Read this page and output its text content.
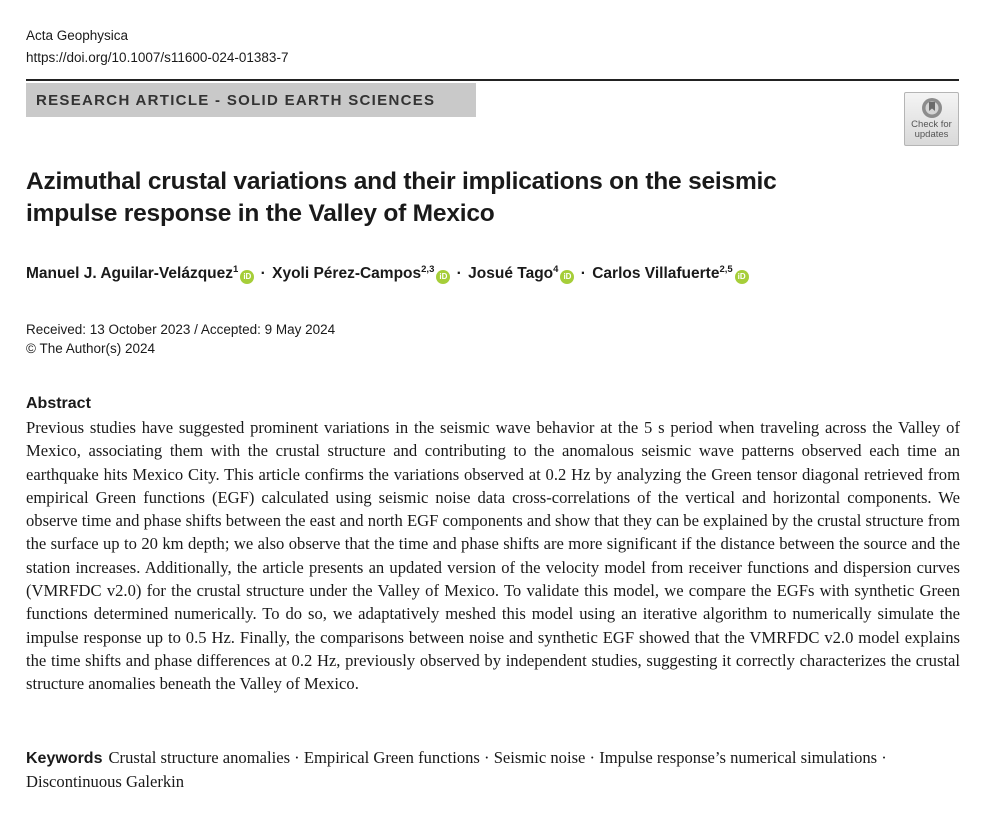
Acta Geophysica
https://doi.org/10.1007/s11600-024-01383-7
RESEARCH ARTICLE - SOLID EARTH SCIENCES
Check for
updates
Azimuthal crustal variations and their implications on the seismic impulse response in the Valley of Mexico
Manuel J. Aguilar-Velázquez$^1$iD · Xyoli Pérez-Campos$^{2,3}$iD · Josué Tago$^4$iD · Carlos Villafuerte$^{2,5}$iD
Received: 13 October 2023 / Accepted: 9 May 2024
© The Author(s) 2024
Abstract

Previous studies have suggested prominent variations in the seismic wave behavior at the 5 s period when traveling across the Valley of Mexico, associating them with the crustal structure and contributing to the anomalous seismic wave patterns observed each time an earthquake hits Mexico City. This article confirms the variations observed at 0.2 Hz by analyzing the Green tensor diagonal retrieved from empirical Green functions (EGF) calculated using seismic noise data cross-correlations of the vertical and horizontal components. We observe time and phase shifts between the east and north EGF components and show that they can be explained by the crustal structure from the surface up to 20 km depth; we also observe that the time and phase shifts are more significant if the distance between the source and the station increases. Additionally, the article presents an updated version of the velocity model from receiver functions and dispersion curves (VMRFDC v2.0) for the crustal structure under the Valley of Mexico. To validate this model, we compare the EGFs with synthetic Green functions determined numerically. To do so, we adaptatively meshed this model using an iterative algorithm to numerically simulate the impulse response up to 0.5 Hz. Finally, the comparisons between noise and synthetic EGF showed that the VMRFDC v2.0 model explains the time shifts and phase differences at 0.2 Hz, previously observed by independent studies, suggesting it correctly characterizes the crustal structure anomalies beneath the Valley of Mexico.

Keywords Crustal structure anomalies · Empirical Green functions · Seismic noise · Impulse response’s numerical simulations · Discontinuous Galerkin
